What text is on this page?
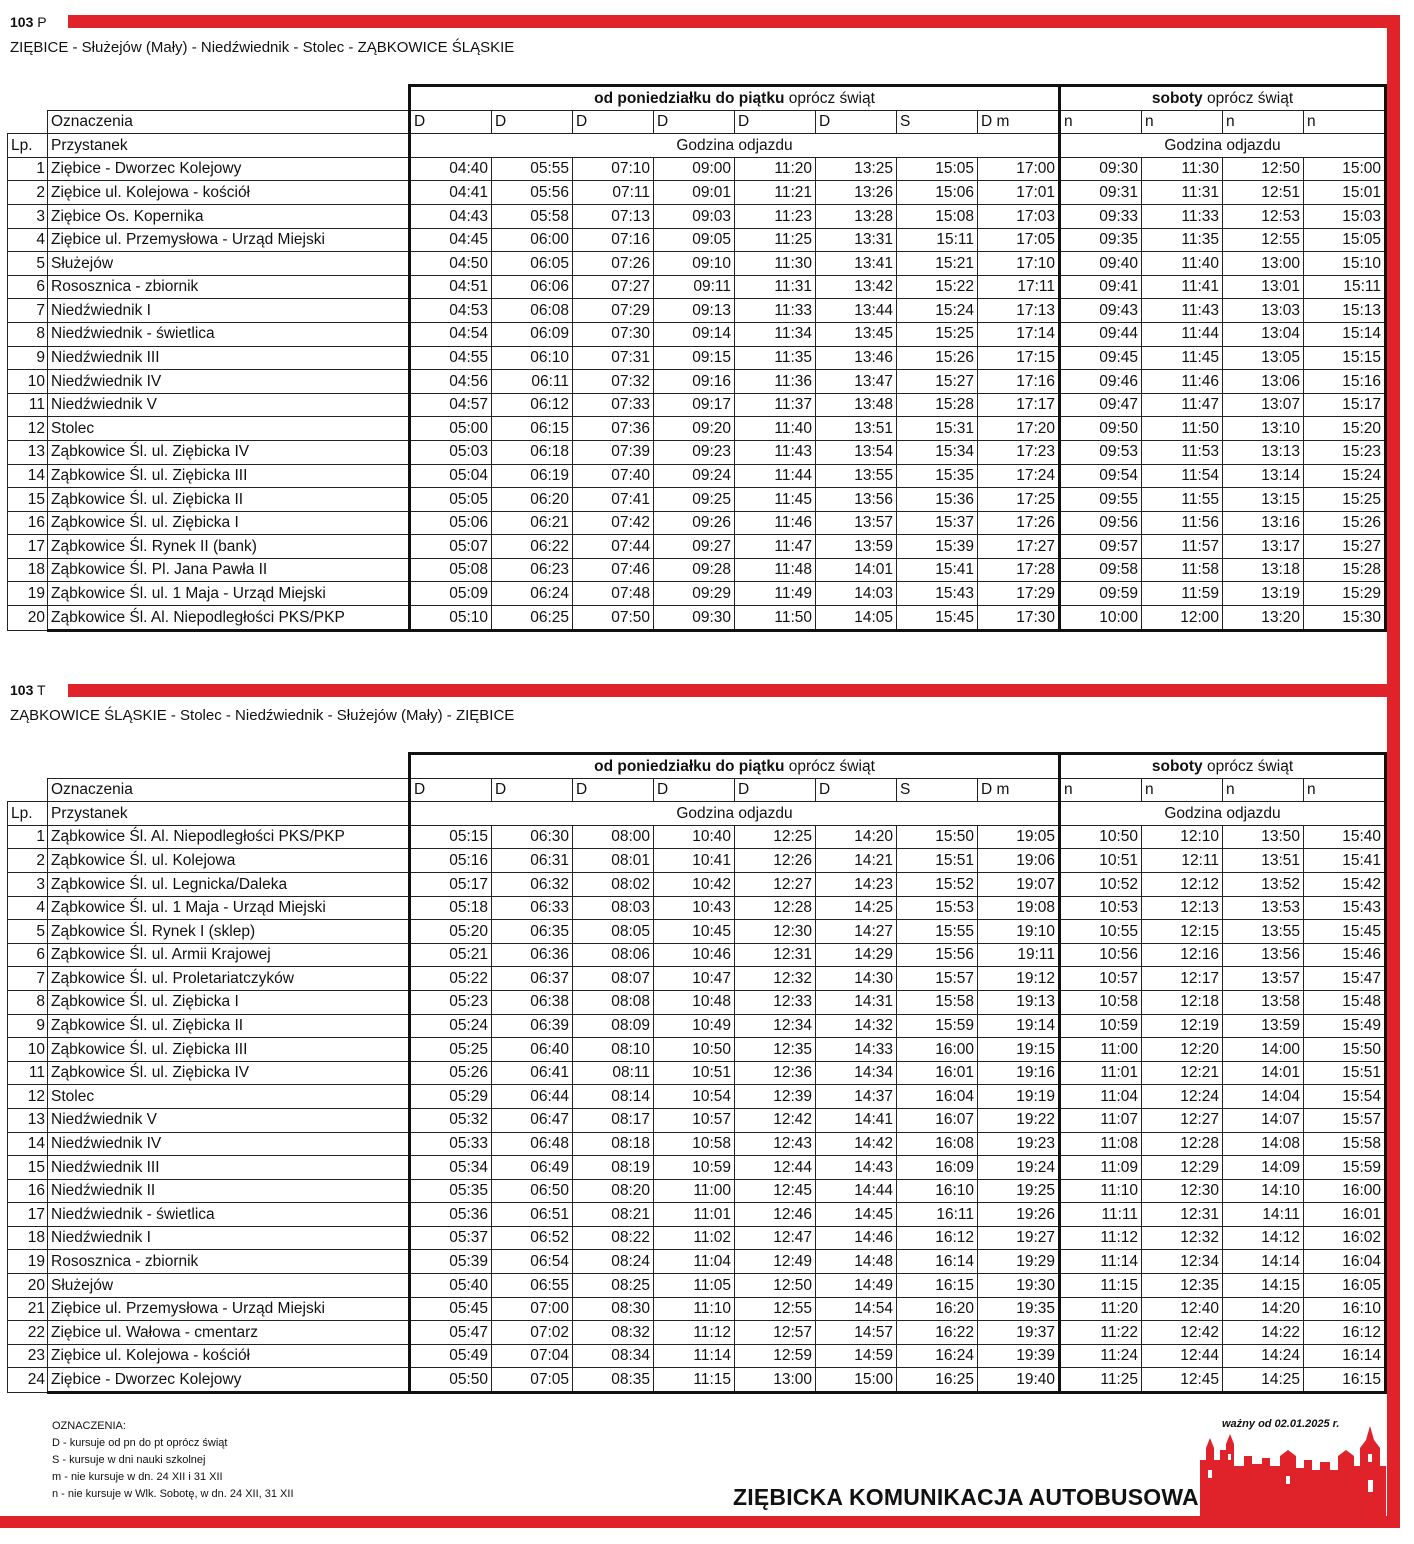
103 P
ZIĘBICE - Służejów (Mały) - Niedźwiednik - Stolec - ZĄBKOWICE ŚLĄSKIE
		od poniedziałku do piątku oprócz świąt								soboty oprócz świąt			
	Oznaczenia	D	D	D	D	D	D	S	D m	n	n	n	n
Lp.	Przystanek	Godzina odjazdu								Godzina odjazdu			
1	Ziębice - Dworzec Kolejowy	04:40	05:55	07:10	09:00	11:20	13:25	15:05	17:00	09:30	11:30	12:50	15:00
2	Ziębice ul. Kolejowa - kościół	04:41	05:56	07:11	09:01	11:21	13:26	15:06	17:01	09:31	11:31	12:51	15:01
3	Ziębice Os. Kopernika	04:43	05:58	07:13	09:03	11:23	13:28	15:08	17:03	09:33	11:33	12:53	15:03
4	Ziębice ul. Przemysłowa - Urząd Miejski	04:45	06:00	07:16	09:05	11:25	13:31	15:11	17:05	09:35	11:35	12:55	15:05
5	Służejów	04:50	06:05	07:26	09:10	11:30	13:41	15:21	17:10	09:40	11:40	13:00	15:10
6	Rososznica - zbiornik	04:51	06:06	07:27	09:11	11:31	13:42	15:22	17:11	09:41	11:41	13:01	15:11
7	Niedźwiednik I	04:53	06:08	07:29	09:13	11:33	13:44	15:24	17:13	09:43	11:43	13:03	15:13
8	Niedźwiednik - świetlica	04:54	06:09	07:30	09:14	11:34	13:45	15:25	17:14	09:44	11:44	13:04	15:14
9	Niedźwiednik III	04:55	06:10	07:31	09:15	11:35	13:46	15:26	17:15	09:45	11:45	13:05	15:15
10	Niedźwiednik IV	04:56	06:11	07:32	09:16	11:36	13:47	15:27	17:16	09:46	11:46	13:06	15:16
11	Niedźwiednik V	04:57	06:12	07:33	09:17	11:37	13:48	15:28	17:17	09:47	11:47	13:07	15:17
12	Stolec	05:00	06:15	07:36	09:20	11:40	13:51	15:31	17:20	09:50	11:50	13:10	15:20
13	Ząbkowice Śl. ul. Ziębicka IV	05:03	06:18	07:39	09:23	11:43	13:54	15:34	17:23	09:53	11:53	13:13	15:23
14	Ząbkowice Śl. ul. Ziębicka III	05:04	06:19	07:40	09:24	11:44	13:55	15:35	17:24	09:54	11:54	13:14	15:24
15	Ząbkowice Śl. ul. Ziębicka II	05:05	06:20	07:41	09:25	11:45	13:56	15:36	17:25	09:55	11:55	13:15	15:25
16	Ząbkowice Śl. ul. Ziębicka I	05:06	06:21	07:42	09:26	11:46	13:57	15:37	17:26	09:56	11:56	13:16	15:26
17	Ząbkowice Śl. Rynek II (bank)	05:07	06:22	07:44	09:27	11:47	13:59	15:39	17:27	09:57	11:57	13:17	15:27
18	Ząbkowice Śl. Pl. Jana Pawła II	05:08	06:23	07:46	09:28	11:48	14:01	15:41	17:28	09:58	11:58	13:18	15:28
19	Ząbkowice Śl. ul. 1 Maja - Urząd Miejski	05:09	06:24	07:48	09:29	11:49	14:03	15:43	17:29	09:59	11:59	13:19	15:29
20	Ząbkowice Śl. Al. Niepodległości PKS/PKP	05:10	06:25	07:50	09:30	11:50	14:05	15:45	17:30	10:00	12:00	13:20	15:30
103 T
ZĄBKOWICE ŚLĄSKIE - Stolec - Niedźwiednik - Służejów (Mały) - ZIĘBICE
		od poniedziałku do piątku oprócz świąt								soboty oprócz świąt			
	Oznaczenia	D	D	D	D	D	D	S	D m	n	n	n	n
Lp.	Przystanek	Godzina odjazdu								Godzina odjazdu			
1	Ząbkowice Śl. Al. Niepodległości PKS/PKP	05:15	06:30	08:00	10:40	12:25	14:20	15:50	19:05	10:50	12:10	13:50	15:40
2	Ząbkowice Śl. ul. Kolejowa	05:16	06:31	08:01	10:41	12:26	14:21	15:51	19:06	10:51	12:11	13:51	15:41
3	Ząbkowice Śl. ul. Legnicka/Daleka	05:17	06:32	08:02	10:42	12:27	14:23	15:52	19:07	10:52	12:12	13:52	15:42
4	Ząbkowice Śl. ul. 1 Maja - Urząd Miejski	05:18	06:33	08:03	10:43	12:28	14:25	15:53	19:08	10:53	12:13	13:53	15:43
5	Ząbkowice Śl. Rynek I (sklep)	05:20	06:35	08:05	10:45	12:30	14:27	15:55	19:10	10:55	12:15	13:55	15:45
6	Ząbkowice Śl. ul. Armii Krajowej	05:21	06:36	08:06	10:46	12:31	14:29	15:56	19:11	10:56	12:16	13:56	15:46
7	Ząbkowice Śl. ul. Proletariatczyków	05:22	06:37	08:07	10:47	12:32	14:30	15:57	19:12	10:57	12:17	13:57	15:47
8	Ząbkowice Śl. ul. Ziębicka I	05:23	06:38	08:08	10:48	12:33	14:31	15:58	19:13	10:58	12:18	13:58	15:48
9	Ząbkowice Śl. ul. Ziębicka II	05:24	06:39	08:09	10:49	12:34	14:32	15:59	19:14	10:59	12:19	13:59	15:49
10	Ząbkowice Śl. ul. Ziębicka III	05:25	06:40	08:10	10:50	12:35	14:33	16:00	19:15	11:00	12:20	14:00	15:50
11	Ząbkowice Śl. ul. Ziębicka IV	05:26	06:41	08:11	10:51	12:36	14:34	16:01	19:16	11:01	12:21	14:01	15:51
12	Stolec	05:29	06:44	08:14	10:54	12:39	14:37	16:04	19:19	11:04	12:24	14:04	15:54
13	Niedźwiednik V	05:32	06:47	08:17	10:57	12:42	14:41	16:07	19:22	11:07	12:27	14:07	15:57
14	Niedźwiednik IV	05:33	06:48	08:18	10:58	12:43	14:42	16:08	19:23	11:08	12:28	14:08	15:58
15	Niedźwiednik III	05:34	06:49	08:19	10:59	12:44	14:43	16:09	19:24	11:09	12:29	14:09	15:59
16	Niedźwiednik II	05:35	06:50	08:20	11:00	12:45	14:44	16:10	19:25	11:10	12:30	14:10	16:00
17	Niedźwiednik - świetlica	05:36	06:51	08:21	11:01	12:46	14:45	16:11	19:26	11:11	12:31	14:11	16:01
18	Niedźwiednik I	05:37	06:52	08:22	11:02	12:47	14:46	16:12	19:27	11:12	12:32	14:12	16:02
19	Rososznica - zbiornik	05:39	06:54	08:24	11:04	12:49	14:48	16:14	19:29	11:14	12:34	14:14	16:04
20	Służejów	05:40	06:55	08:25	11:05	12:50	14:49	16:15	19:30	11:15	12:35	14:15	16:05
21	Ziębice ul. Przemysłowa - Urząd Miejski	05:45	07:00	08:30	11:10	12:55	14:54	16:20	19:35	11:20	12:40	14:20	16:10
22	Ziębice ul. Wałowa - cmentarz	05:47	07:02	08:32	11:12	12:57	14:57	16:22	19:37	11:22	12:42	14:22	16:12
23	Ziębice ul. Kolejowa - kościół	05:49	07:04	08:34	11:14	12:59	14:59	16:24	19:39	11:24	12:44	14:24	16:14
24	Ziębice - Dworzec Kolejowy	05:50	07:05	08:35	11:15	13:00	15:00	16:25	19:40	11:25	12:45	14:25	16:15
OZNACZENIA:
D - kursuje od pn do pt oprócz świąt
S - kursuje w dni nauki szkolnej
m - nie kursuje w dn. 24 XII i 31 XII
n - nie kursuje w Wlk. Sobotę, w dn. 24 XII, 31 XII
ważny od 02.01.2025 r.
ZIĘBICKA KOMUNIKACJA AUTOBUSOWA
